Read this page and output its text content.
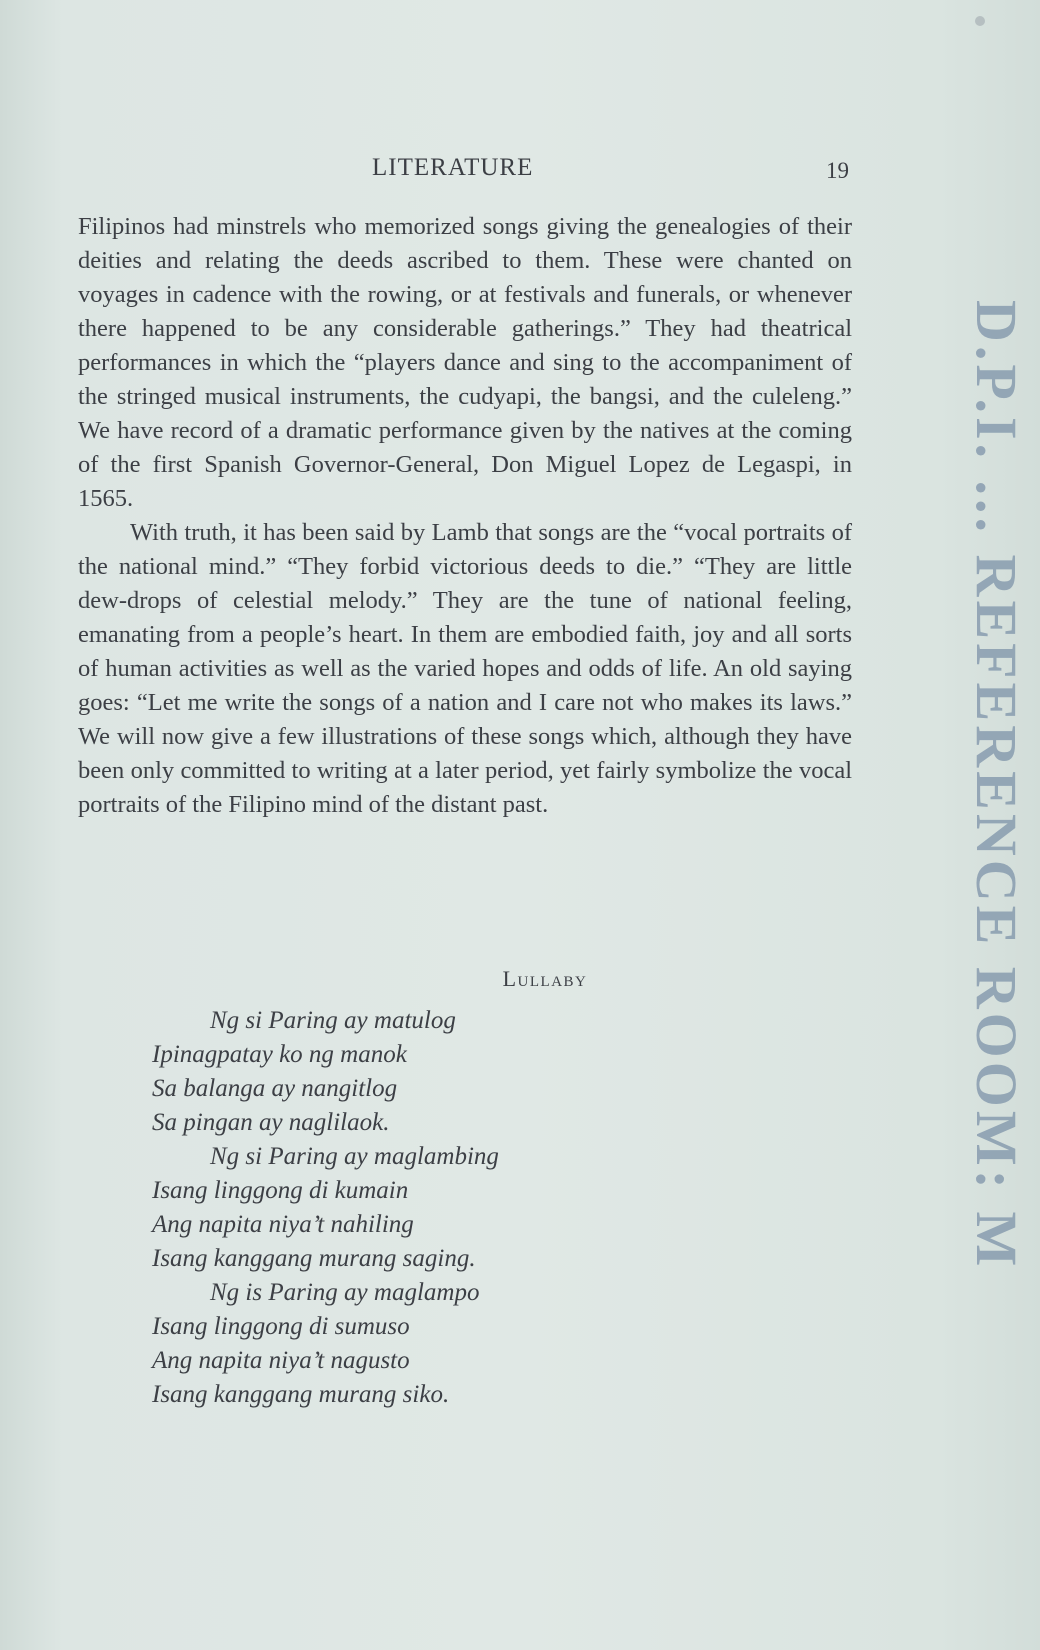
LITERATURE	19

Filipinos had minstrels who memorized songs giving the genealogies of their deities and relating the deeds ascribed to them. These were chanted on voyages in cadence with the rowing, or at festivals and funerals, or whenever there happened to be any considerable gatherings.” They had theatrical performances in which the “players dance and sing to the accompaniment of the stringed musical instruments, the cudyapi, the bangsi, and the culeleng.” We have record of a dramatic performance given by the natives at the coming of the first Spanish Governor-General, Don Miguel Lopez de Legaspi, in 1565.

With truth, it has been said by Lamb that songs are the “vocal portraits of the national mind.” “They forbid victorious deeds to die.” “They are little dew-drops of celestial melody.” They are the tune of national feeling, emanating from a people’s heart. In them are embodied faith, joy and all sorts of human activities as well as the varied hopes and odds of life. An old saying goes: “Let me write the songs of a nation and I care not who makes its laws.” We will now give a few illustrations of these songs which, although they have been only committed to writing at a later period, yet fairly symbolize the vocal portraits of the Filipino mind of the distant past.

Lullaby
Ng si Paring ay matulog
Ipinagpatay ko ng manok
Sa balanga ay nangitlog
Sa pingan ay naglilaok.
Ng si Paring ay maglambing
Isang linggong di kumain
Ang napita niya’t nahiling
Isang kanggang murang saging.
Ng is Paring ay maglampo
Isang linggong di sumuso
Ang napita niya’t nagusto
Isang kanggang murang siko.
D.P.I. ... REFERENCE ROOM: M
